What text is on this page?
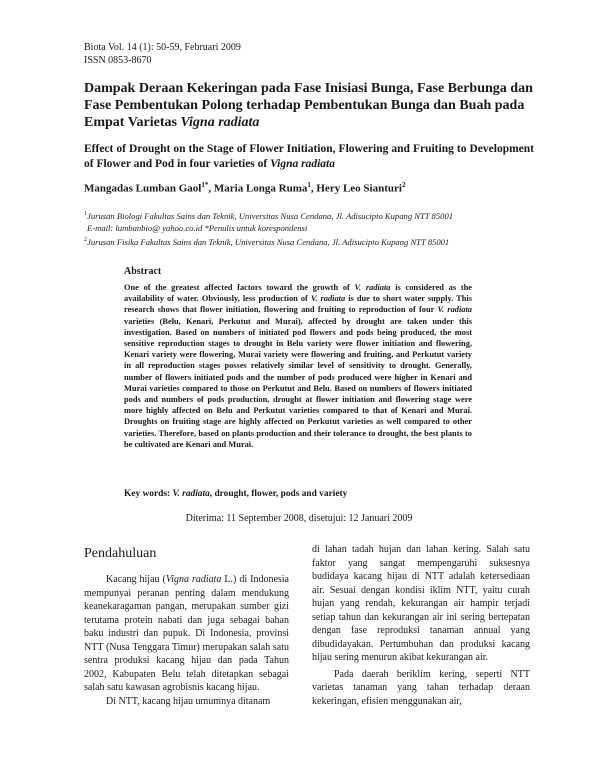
Biota Vol. 14 (1): 50-59, Februari 2009
ISSN 0853-8670
Dampak Deraan Kekeringan pada Fase Inisiasi Bunga, Fase Berbunga dan Fase Pembentukan Polong terhadap Pembentukan Bunga dan Buah pada Empat Varietas Vigna radiata
Effect of Drought on the Stage of Flower Initiation, Flowering and Fruiting to Development of Flower and Pod in four varieties of Vigna radiata
Mangadas Lumban Gaol$^{1*}$, Maria Longa Ruma$^1$, Hery Leo Sianturi$^2$
$^1$Jurusan Biologi Fakultas Sains dan Teknik, Universitas Nusa Cendana, Jl. Adisucipto Kupang NTT 85001
E-mail: lumbanbio@ yahoo.co.id *Penulis untuk korespondensi
$^2$Jurusan Fisika Fakultas Sains dan Teknik, Universitas Nusa Cendana, Jl. Adisucipto Kupang NTT 85001
Abstract
One of the greatest affected factors toward the growth of V. radiata is considered as the availability of water. Obviously, less production of V. radiata is due to short water supply. This research shows that flower initiation, flowering and fruiting to reproduction of four V. radiata varieties (Belu, Kenari, Perkutut and Murai), affected by drought are taken under this investigation. Based on numbers of initiated pod flowers and pods being produced, the most sensitive reproduction stages to drought in Belu variety were flower initiation and flowering, Kenari variety were flowering, Murai variety were flowering and fruiting, and Perkutut variety in all reproduction stages posses relatively similar level of sensitivity to drought. Generally, number of flowers initiated pods and the number of pods produced were higher in Kenari and Murai varieties compared to those on Perkutut and Belu. Based on numbers of flowers initiated pods and numbers of pods production, drought at flower initiation and flowering stage were more highly affected on Belu and Perkutut varieties compared to that of Kenari and Murai. Droughts on fruiting stage are highly affected on Perkutut varieties as well compared to other varieties. Therefore, based on plants production and their tolerance to drought, the best plants to be cultivated are Kenari and Murai.
Key words: V. radiata, drought, flower, pods and variety
Diterima: 11 September 2008, disetujui: 12 Januari 2009
Pendahuluan

Kacang hijau (Vigna radiata L.) di Indonesia mempunyai peranan penting dalam mendukung keanekaragaman pangan, merupakan sumber gizi terutama protein nabati dan juga sebagai bahan baku industri dan pupuk. Di Indonesia, provinsi NTT (Nusa Tenggara Timur) merupakan salah satu sentra produksi kacang hijau dan pada Tahun 2002, Kabupaten Belu telah ditetapkan sebagai salah satu kawasan agrobisnis kacang hijau.

Di NTT, kacang hijau umumnya ditanam

di lahan tadah hujan dan lahan kering. Salah satu faktor yang sangat mempengaruhi suksesnya budidaya kacang hijau di NTT adalah ketersediaan air. Sesuai dengan kondisi iklim NTT, yaitu curah hujan yang rendah, kekurangan air hampir terjadi setiap tahun dan kekurangan air ini sering bertepatan dengan fase reproduksi tanaman annual yang dibudidayakan. Pertumbuhan dan produksi kacang hijau sering menurun akibat kekurangan air.

Pada daerah beriklim kering, seperti NTT varietas tanaman yang tahan terhadap deraan kekeringan, efisien menggunakan air,
